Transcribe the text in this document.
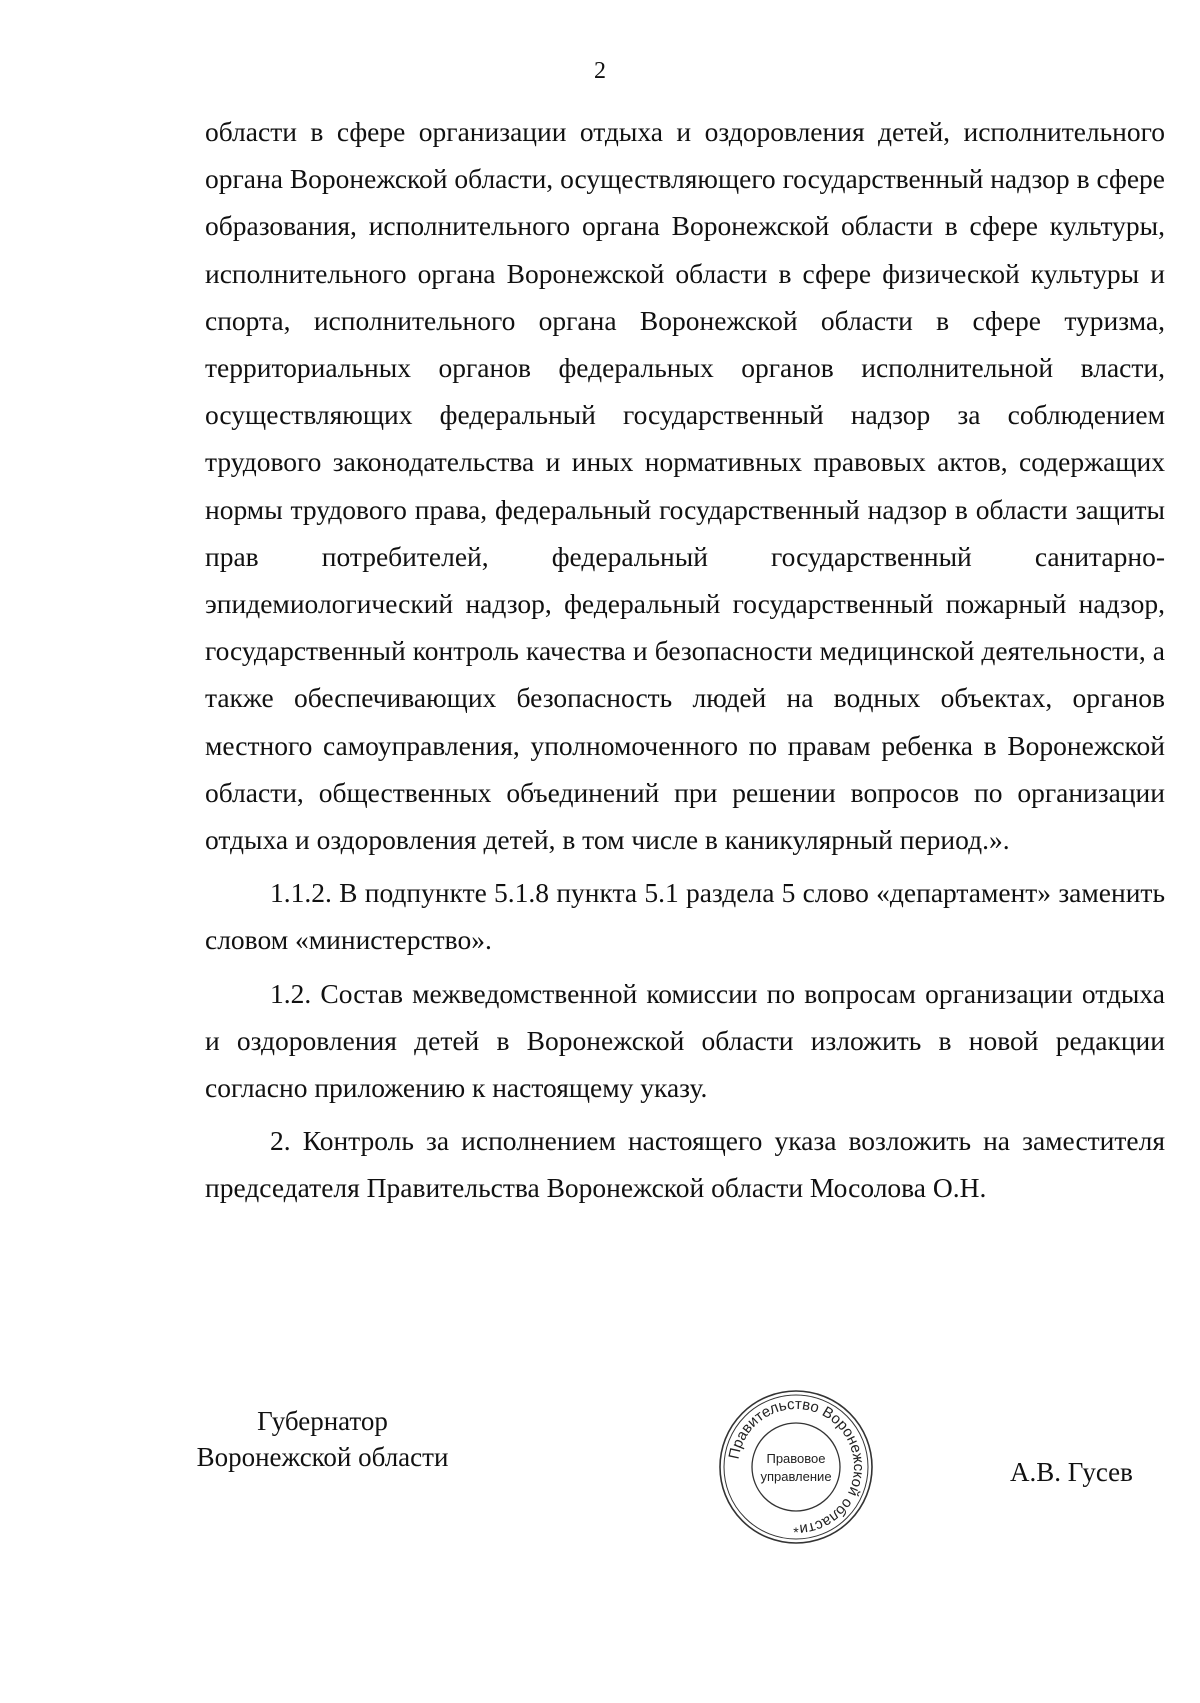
2

области в сфере организации отдыха и оздоровления детей, исполнительного органа Воронежской области, осуществляющего государственный надзор в сфере образования, исполнительного органа Воронежской области в сфере культуры, исполнительного органа Воронежской области в сфере физической культуры и спорта, исполнительного органа Воронежской области в сфере туризма, территориальных органов федеральных органов исполнительной власти, осуществляющих федеральный государственный надзор за соблюдением трудового законодательства и иных нормативных правовых актов, содержащих нормы трудового права, федеральный государственный надзор в области защиты прав потребителей, федеральный государственный санитарно-эпидемиологический надзор, федеральный государственный пожарный надзор, государственный контроль качества и безопасности медицинской деятельности, а также обеспечивающих безопасность людей на водных объектах, органов местного самоуправления, уполномоченного по правам ребенка в Воронежской области, общественных объединений при решении вопросов по организации отдыха и оздоровления детей, в том числе в каникулярный период.».

1.1.2. В подпункте 5.1.8 пункта 5.1 раздела 5 слово «департамент» заменить словом «министерство».

1.2. Состав межведомственной комиссии по вопросам организации отдыха и оздоровления детей в Воронежской области изложить в новой редакции согласно приложению к настоящему указу.

2. Контроль за исполнением настоящего указа возложить на заместителя председателя Правительства Воронежской области Мосолова О.Н.

Губернатор
Воронежской области	Правительство Воронежской области
Правовое
управление
*
А.В. Гусев
